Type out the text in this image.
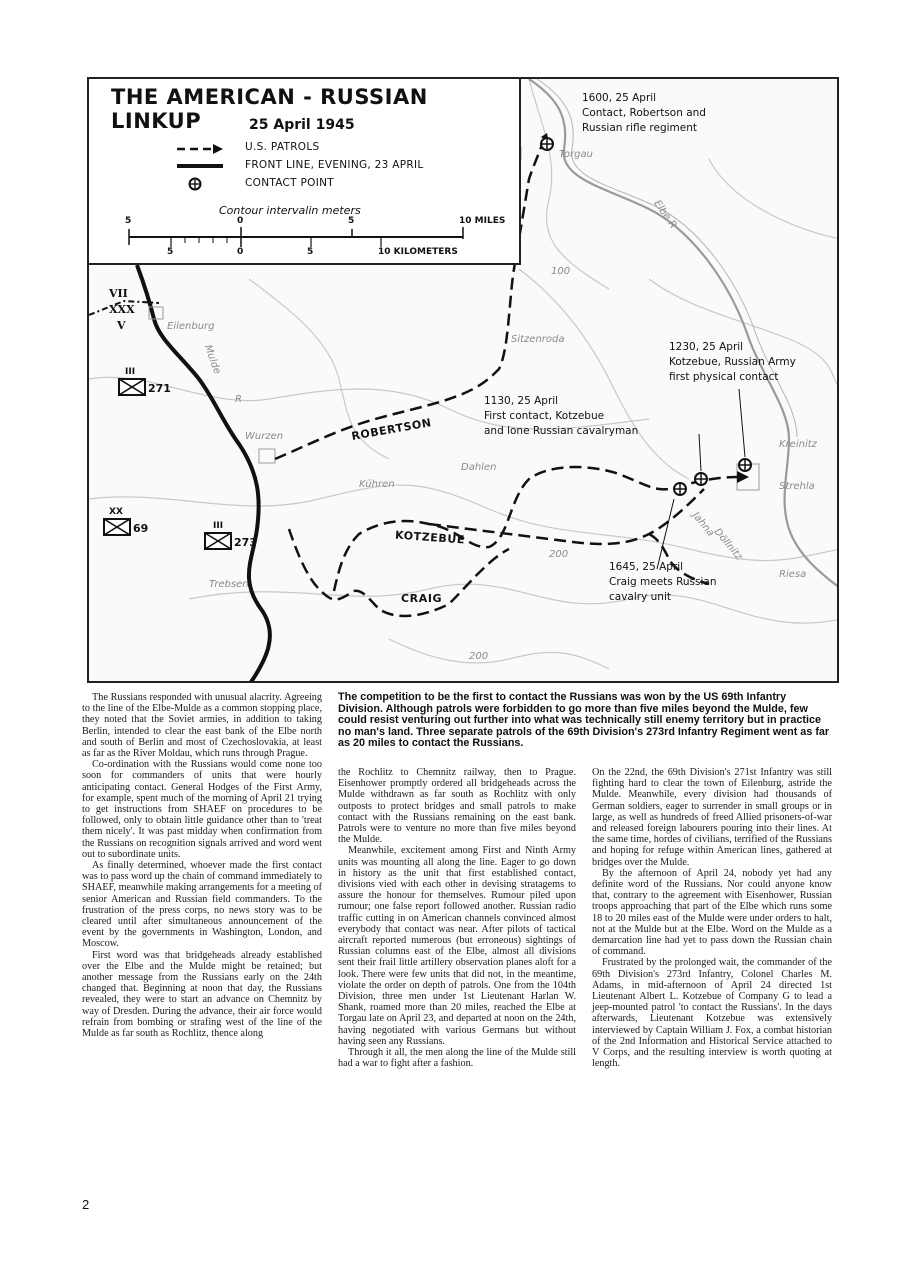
THE AMERICAN - RUSSIAN LINKUP	25 April 1945
U.S. PATROLS
FRONT LINE, EVENING, 23 APRIL
CONTACT POINT
Contour intervalin meters
5	0	5	10 MILES
5	0	5	10 KILOMETERS
1600, 25 April
Contact, Robertson and
Russian rifle regiment
1230, 25 April
Kotzebue, Russian Army
first physical contact
1130, 25 April
First contact, Kotzebue
and lone Russian cavalryman
1645, 25 April
Craig meets Russian
cavalry unit
Torgau
Elbe R
Sitzenroda
Eilenburg
Mulde
R
Wurzen
Dahlen
Kühren
Kreinitz
Strehla
Riesa
Trebsen
Jahna
Döllnitz
100
200
200
ROBERTSON
KOTZEBUE
CRAIG
VII
XXX
V
III
271
XX
69	III
273

The Russians responded with unusual alacrity. Agreeing to the line of the Elbe-Mulde as a common stopping place, they noted that the Soviet armies, in addition to taking Berlin, intended to clear the east bank of the Elbe north and south of Berlin and most of Czechoslovakia, at least as far as the River Moldau, which runs through Prague.

Co-ordination with the Russians would come none too soon for commanders of units that were hourly anticipating contact. General Hodges of the First Army, for example, spent much of the morning of April 21 trying to get instructions from SHAEF on procedures to be followed, only to obtain little guidance other than to 'treat them nicely'. It was past midday when confirmation from the Russians on recognition signals arrived and word went out to subordinate units.

As finally determined, whoever made the first contact was to pass word up the chain of command immediately to SHAEF, meanwhile making arrangements for a meeting of senior American and Russian field commanders. To the frustration of the press corps, no news story was to be cleared until after simultaneous announcement of the event by the governments in Washington, London, and Moscow.

First word was that bridgeheads already established over the Elbe and the Mulde might be retained; but another message from the Russians early on the 24th changed that. Beginning at noon that day, the Russians revealed, they were to start an advance on Chemnitz by way of Dresden. During the advance, their air force would refrain from bombing or strafing west of the line of the Mulde as far south as Rochlitz, thence along

The competition to be the first to contact the Russians was won by the US 69th Infantry Division. Although patrols were forbidden to go more than five miles beyond the Mulde, few could resist venturing out further into what was technically still enemy territory but in practice no man's land. Three separate patrols of the 69th Division's 273rd Infantry Regiment went as far as 20 miles to contact the Russians.

the Rochlitz to Chemnitz railway, then to Prague. Eisenhower promptly ordered all bridgeheads across the Mulde withdrawn as far south as Rochlitz with only outposts to protect bridges and small patrols to make contact with the Russians remaining on the east bank. Patrols were to venture no more than five miles beyond the Mulde.

Meanwhile, excitement among First and Ninth Army units was mounting all along the line. Eager to go down in history as the unit that first established contact, divisions vied with each other in devising stratagems to assure the honour for themselves. Rumour piled upon rumour; one false report followed another. Russian radio traffic cutting in on American channels convinced almost everybody that contact was near. After pilots of tactical aircraft reported numerous (but erroneous) sightings of Russian columns east of the Elbe, almost all divisions sent their frail little artillery observation planes aloft for a look. There were few units that did not, in the meantime, violate the order on depth of patrols. One from the 104th Division, three men under 1st Lieutenant Harlan W. Shank, roamed more than 20 miles, reached the Elbe at Torgau late on April 23, and departed at noon on the 24th, having negotiated with various Germans but without having seen any Russians.

Through it all, the men along the line of the Mulde still had a war to fight after a fashion.

On the 22nd, the 69th Division's 271st Infantry was still fighting hard to clear the town of Eilenburg, astride the Mulde. Meanwhile, every division had thousands of German soldiers, eager to surrender in small groups or in large, as well as hundreds of freed Allied prisoners-of-war and released foreign labourers pouring into their lines. At the same time, hordes of civilians, terrified of the Russians and hoping for refuge within American lines, gathered at bridges over the Mulde.

By the afternoon of April 24, nobody yet had any definite word of the Russians. Nor could anyone know that, contrary to the agreement with Eisenhower, Russian troops approaching that part of the Elbe which runs some 18 to 20 miles east of the Mulde were under orders to halt, not at the Mulde but at the Elbe. Word on the Mulde as a demarcation line had yet to pass down the Russian chain of command.

Frustrated by the prolonged wait, the commander of the 69th Division's 273rd Infantry, Colonel Charles M. Adams, in mid-afternoon of April 24 directed 1st Lieutenant Albert L. Kotzebue of Company G to lead a jeep-mounted patrol 'to contact the Russians'. In the days afterwards, Lieutenant Kotzebue was extensively interviewed by Captain William J. Fox, a combat historian of the 2nd Information and Historical Service attached to V Corps, and the resulting interview is worth quoting at length.

2
